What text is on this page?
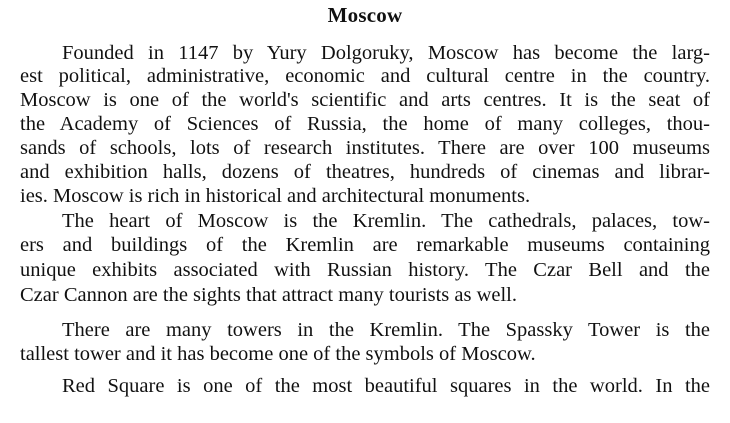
Moscow
Founded in 1147 by Yury Dolgoruky, Moscow has become the larg-
est political, administrative, economic and cultural centre in the country.
Moscow is one of the world's scientific and arts centres. It is the seat of
the Academy of Sciences of Russia, the home of many colleges, thou-
sands of schools, lots of research institutes. There are over 100 museums
and exhibition halls, dozens of theatres, hundreds of cinemas and librar-
ies. Moscow is rich in historical and architectural monuments.
The heart of Moscow is the Kremlin. The cathedrals, palaces, tow-
ers and buildings of the Kremlin are remarkable museums containing
unique exhibits associated with Russian history. The Czar Bell and the
Czar Cannon are the sights that attract many tourists as well.
There are many towers in the Kremlin. The Spassky Tower is the
tallest tower and it has become one of the symbols of Moscow.
Red Square is one of the most beautiful squares in the world. In the
